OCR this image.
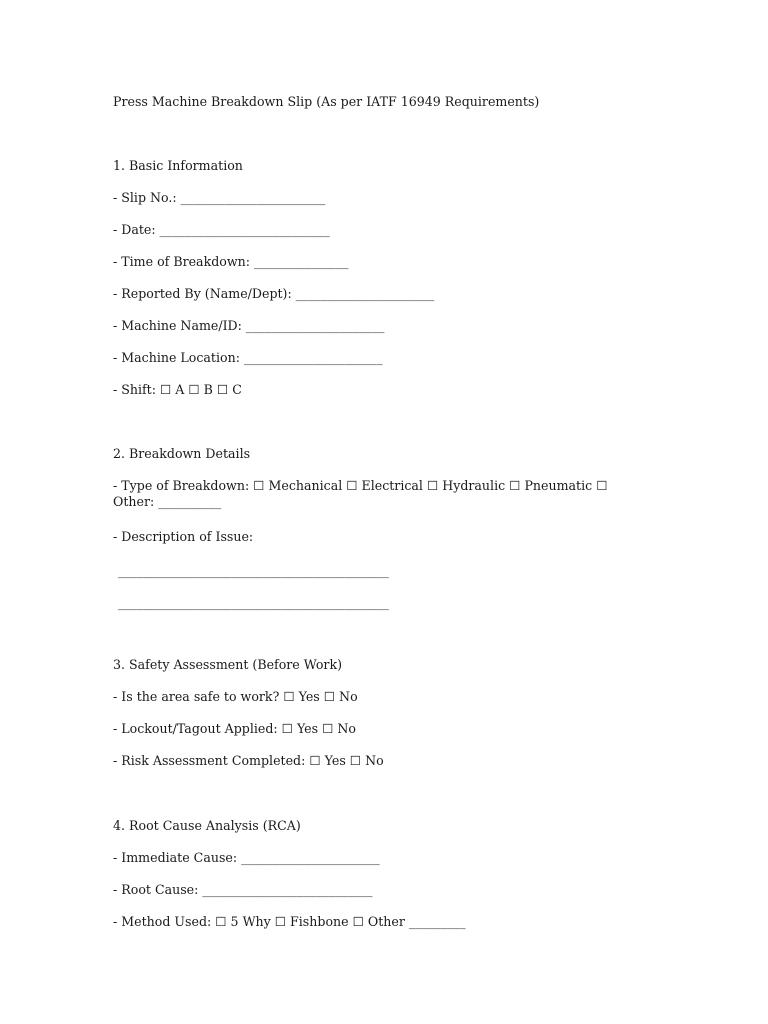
Press Machine Breakdown Slip (As per IATF 16949 Requirements)
1. Basic Information
- Slip No.: _______________________
- Date: ___________________________
- Time of Breakdown: _______________
- Reported By (Name/Dept): ______________________
- Machine Name/ID: ______________________
- Machine Location: ______________________
- Shift: ☐ A ☐ B ☐ C
2. Breakdown Details
- Type of Breakdown: ☐ Mechanical ☐ Electrical ☐ Hydraulic ☐ Pneumatic ☐ Other: __________
- Description of Issue:
___________________________________________
___________________________________________
3. Safety Assessment (Before Work)
- Is the area safe to work? ☐ Yes ☐ No
- Lockout/Tagout Applied: ☐ Yes ☐ No
- Risk Assessment Completed: ☐ Yes ☐ No
4. Root Cause Analysis (RCA)
- Immediate Cause: ______________________
- Root Cause: ___________________________
- Method Used: ☐ 5 Why ☐ Fishbone ☐ Other _________
